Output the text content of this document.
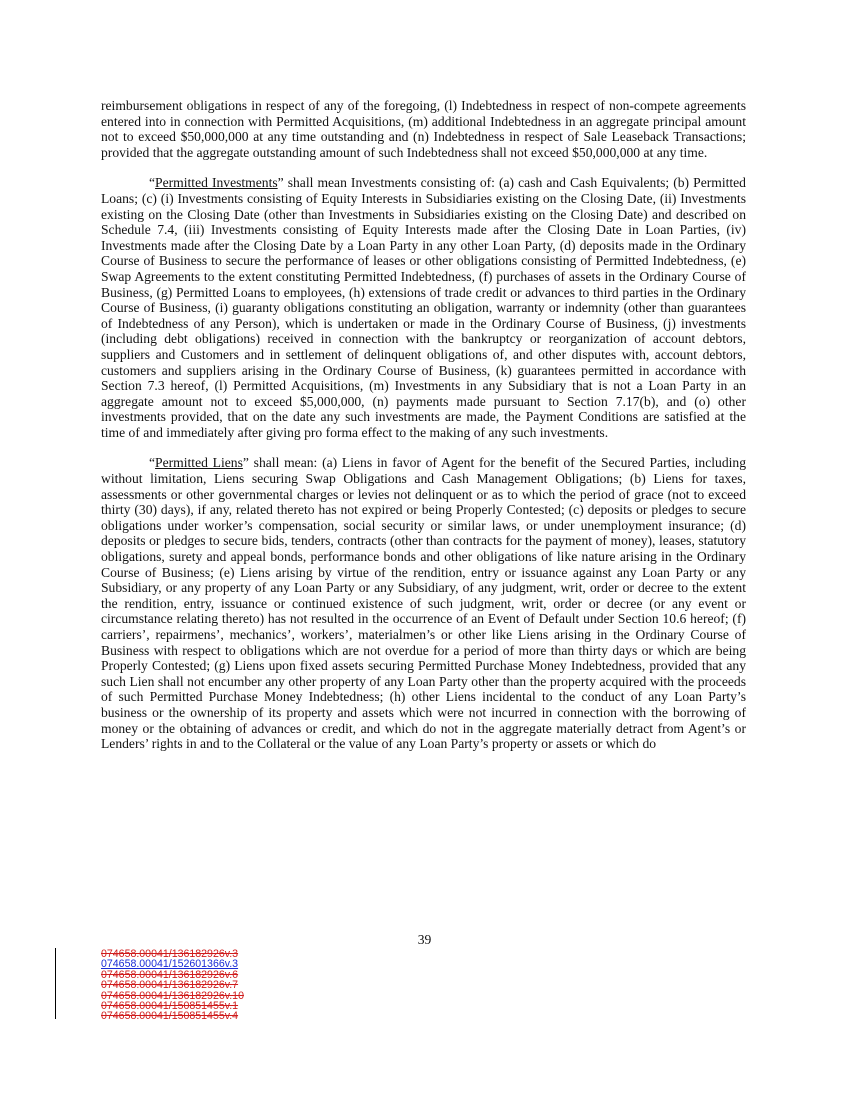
reimbursement obligations in respect of any of the foregoing, (l) Indebtedness in respect of non-compete agreements entered into in connection with Permitted Acquisitions, (m) additional Indebtedness in an aggregate principal amount not to exceed $50,000,000 at any time outstanding and (n) Indebtedness in respect of Sale Leaseback Transactions; provided that the aggregate outstanding amount of such Indebtedness shall not exceed $50,000,000 at any time.

“Permitted Investments” shall mean Investments consisting of: (a) cash and Cash Equivalents; (b) Permitted Loans; (c) (i) Investments consisting of Equity Interests in Subsidiaries existing on the Closing Date, (ii) Investments existing on the Closing Date (other than Investments in Subsidiaries existing on the Closing Date) and described on Schedule 7.4, (iii) Investments consisting of Equity Interests made after the Closing Date in Loan Parties, (iv) Investments made after the Closing Date by a Loan Party in any other Loan Party, (d) deposits made in the Ordinary Course of Business to secure the performance of leases or other obligations consisting of Permitted Indebtedness, (e) Swap Agreements to the extent constituting Permitted Indebtedness, (f) purchases of assets in the Ordinary Course of Business, (g) Permitted Loans to employees, (h) extensions of trade credit or advances to third parties in the Ordinary Course of Business, (i) guaranty obligations constituting an obligation, warranty or indemnity (other than guarantees of Indebtedness of any Person), which is undertaken or made in the Ordinary Course of Business, (j) investments (including debt obligations) received in connection with the bankruptcy or reorganization of account debtors, suppliers and Customers and in settlement of delinquent obligations of, and other disputes with, account debtors, customers and suppliers arising in the Ordinary Course of Business, (k) guarantees permitted in accordance with Section 7.3 hereof, (l) Permitted Acquisitions, (m) Investments in any Subsidiary that is not a Loan Party in an aggregate amount not to exceed $5,000,000, (n) payments made pursuant to Section 7.17(b), and (o) other investments provided, that on the date any such investments are made, the Payment Conditions are satisfied at the time of and immediately after giving pro forma effect to the making of any such investments.

“Permitted Liens” shall mean: (a) Liens in favor of Agent for the benefit of the Secured Parties, including without limitation, Liens securing Swap Obligations and Cash Management Obligations; (b) Liens for taxes, assessments or other governmental charges or levies not delinquent or as to which the period of grace (not to exceed thirty (30) days), if any, related thereto has not expired or being Properly Contested; (c) deposits or pledges to secure obligations under worker’s compensation, social security or similar laws, or under unemployment insurance; (d) deposits or pledges to secure bids, tenders, contracts (other than contracts for the payment of money), leases, statutory obligations, surety and appeal bonds, performance bonds and other obligations of like nature arising in the Ordinary Course of Business; (e) Liens arising by virtue of the rendition, entry or issuance against any Loan Party or any Subsidiary, or any property of any Loan Party or any Subsidiary, of any judgment, writ, order or decree to the extent the rendition, entry, issuance or continued existence of such judgment, writ, order or decree (or any event or circumstance relating thereto) has not resulted in the occurrence of an Event of Default under Section 10.6 hereof; (f) carriers’, repairmens’, mechanics’, workers’, materialmen’s or other like Liens arising in the Ordinary Course of Business with respect to obligations which are not overdue for a period of more than thirty days or which are being Properly Contested; (g) Liens upon fixed assets securing Permitted Purchase Money Indebtedness, provided that any such Lien shall not encumber any other property of any Loan Party other than the property acquired with the proceeds of such Permitted Purchase Money Indebtedness; (h) other Liens incidental to the conduct of any Loan Party’s business or the ownership of its property and assets which were not incurred in connection with the borrowing of money or the obtaining of advances or credit, and which do not in the aggregate materially detract from Agent’s or Lenders’ rights in and to the Collateral or the value of any Loan Party’s property or assets or which do

39
074658.00041/136182926v.3
074658.00041/152601366v.3
074658.00041/136182926v.6
074658.00041/136182926v.7
074658.00041/136182926v.10
074658.00041/150851455v.1
074658.00041/150851455v.4
